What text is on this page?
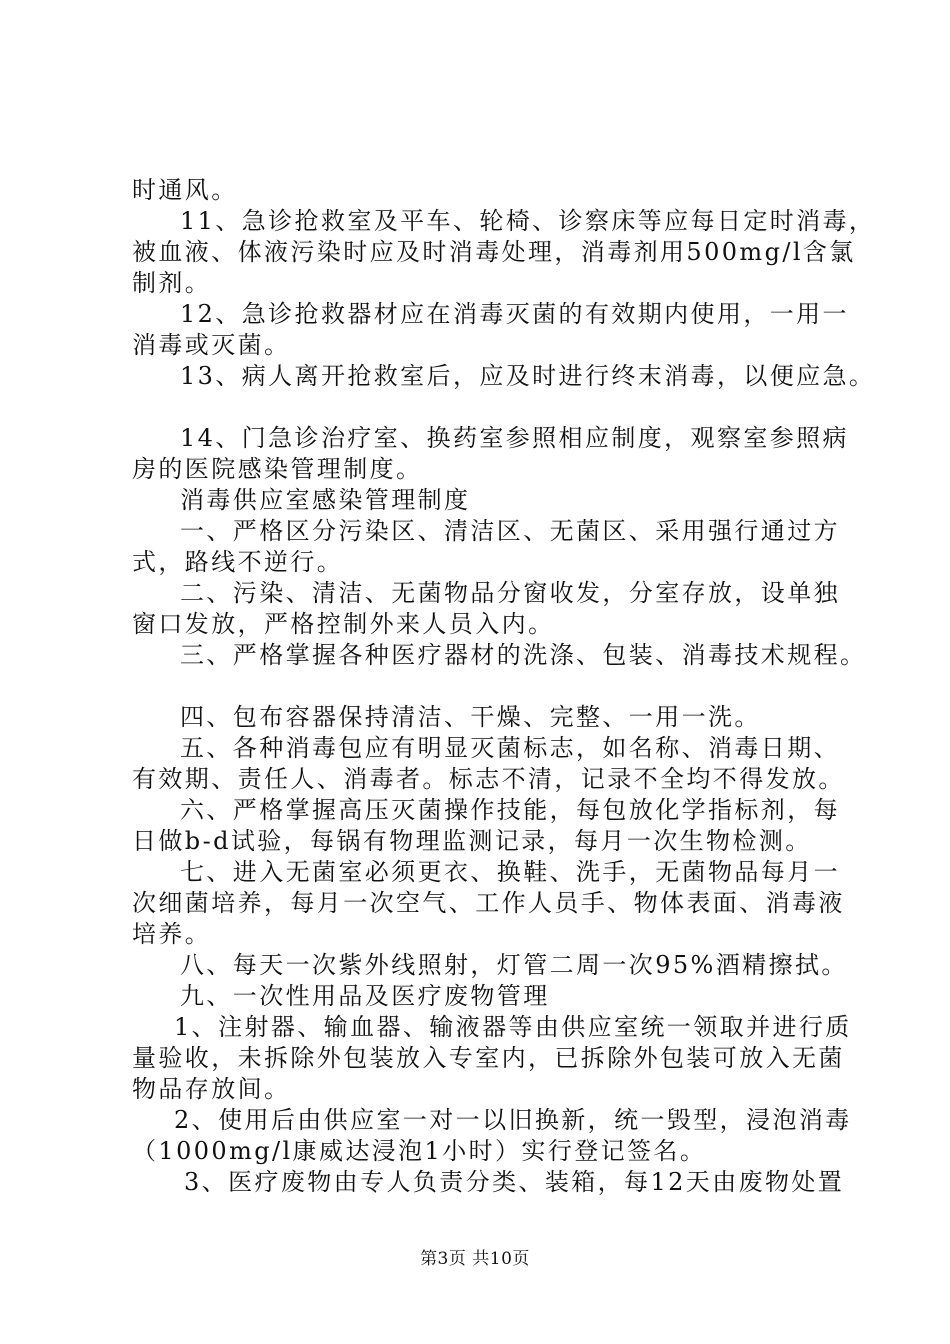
时通风。
11、急诊抢救室及平车、轮椅、诊察床等应每日定时消毒，
被血液、体液污染时应及时消毒处理，消毒剂用500mg/l含氯
制剂。
12、急诊抢救器材应在消毒灭菌的有效期内使用，一用一
消毒或灭菌。
13、病人离开抢救室后，应及时进行终末消毒，以便应急。
14、门急诊治疗室、换药室参照相应制度，观察室参照病
房的医院感染管理制度。
消毒供应室感染管理制度
一、严格区分污染区、清洁区、无菌区、采用强行通过方
式，路线不逆行。
二、污染、清洁、无菌物品分窗收发，分室存放，设单独
窗口发放，严格控制外来人员入内。
三、严格掌握各种医疗器材的洗涤、包装、消毒技术规程。
四、包布容器保持清洁、干燥、完整、一用一洗。
五、各种消毒包应有明显灭菌标志，如名称、消毒日期、
有效期、责任人、消毒者。标志不清，记录不全均不得发放。
六、严格掌握高压灭菌操作技能，每包放化学指标剂，每
日做b-d试验，每锅有物理监测记录，每月一次生物检测。
七、进入无菌室必须更衣、换鞋、洗手，无菌物品每月一
次细菌培养，每月一次空气、工作人员手、物体表面、消毒液
培养。
八、每天一次紫外线照射，灯管二周一次95%酒精擦拭。
九、一次性用品及医疗废物管理
1、注射器、输血器、输液器等由供应室统一领取并进行质
量验收，未拆除外包装放入专室内，已拆除外包装可放入无菌
物品存放间。
2、使用后由供应室一对一以旧换新，统一毁型，浸泡消毒
（1000mg/l康威达浸泡1小时）实行登记签名。
3、医疗废物由专人负责分类、装箱，每12天由废物处置
第3页 共10页
